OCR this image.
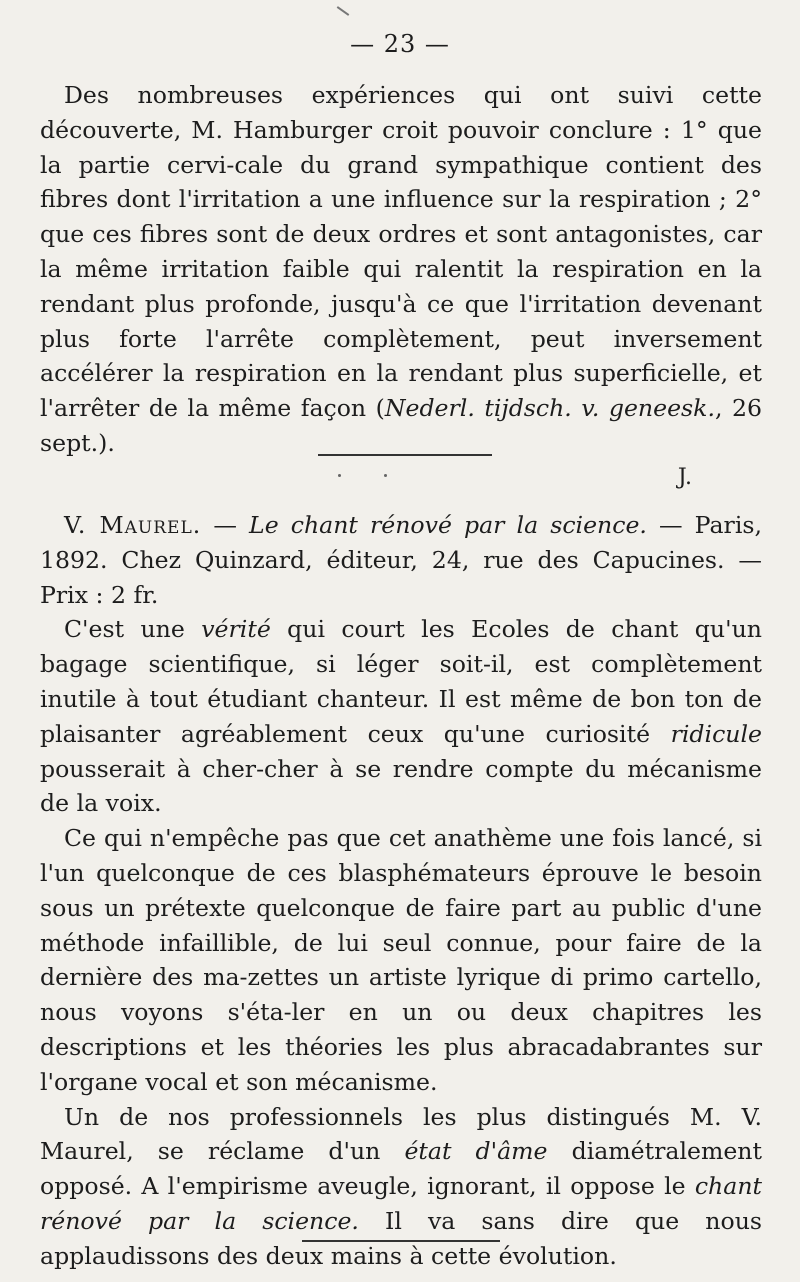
— 23 —

Des nombreuses expériences qui ont suivi cette découverte, M. Hamburger croit pouvoir conclure : 1° que la partie cervi-cale du grand sympathique contient des fibres dont l'irritation a une influence sur la respiration ; 2° que ces fibres sont de deux ordres et sont antagonistes, car la même irritation faible qui ralentit la respiration en la rendant plus profonde, jusqu'à ce que l'irritation devenant plus forte l'arrête complètement, peut inversement accélérer la respiration en la rendant plus superficielle, et l'arrêter de la même façon (Nederl. tijdsch. v. geneesk., 26 sept.).

J.

V. Maurel. — Le chant rénové par la science. — Paris, 1892. Chez Quinzard, éditeur, 24, rue des Capucines. — Prix : 2 fr.

C'est une vérité qui court les Ecoles de chant qu'un bagage scientifique, si léger soit-il, est complètement inutile à tout étudiant chanteur. Il est même de bon ton de plaisanter agréablement ceux qu'une curiosité ridicule pousserait à cher-cher à se rendre compte du mécanisme de la voix.

Ce qui n'empêche pas que cet anathème une fois lancé, si l'un quelconque de ces blasphémateurs éprouve le besoin sous un prétexte quelconque de faire part au public d'une méthode infaillible, de lui seul connue, pour faire de la dernière des ma-zettes un artiste lyrique di primo cartello, nous voyons s'éta-ler en un ou deux chapitres les descriptions et les théories les plus abracadabrantes sur l'organe vocal et son mécanisme.

Un de nos professionnels les plus distingués M. V. Maurel, se réclame d'un état d'âme diamétralement opposé. A l'empirisme aveugle, ignorant, il oppose le chant rénové par la science. Il va sans dire que nous applaudissons des deux mains à cette évolution.
